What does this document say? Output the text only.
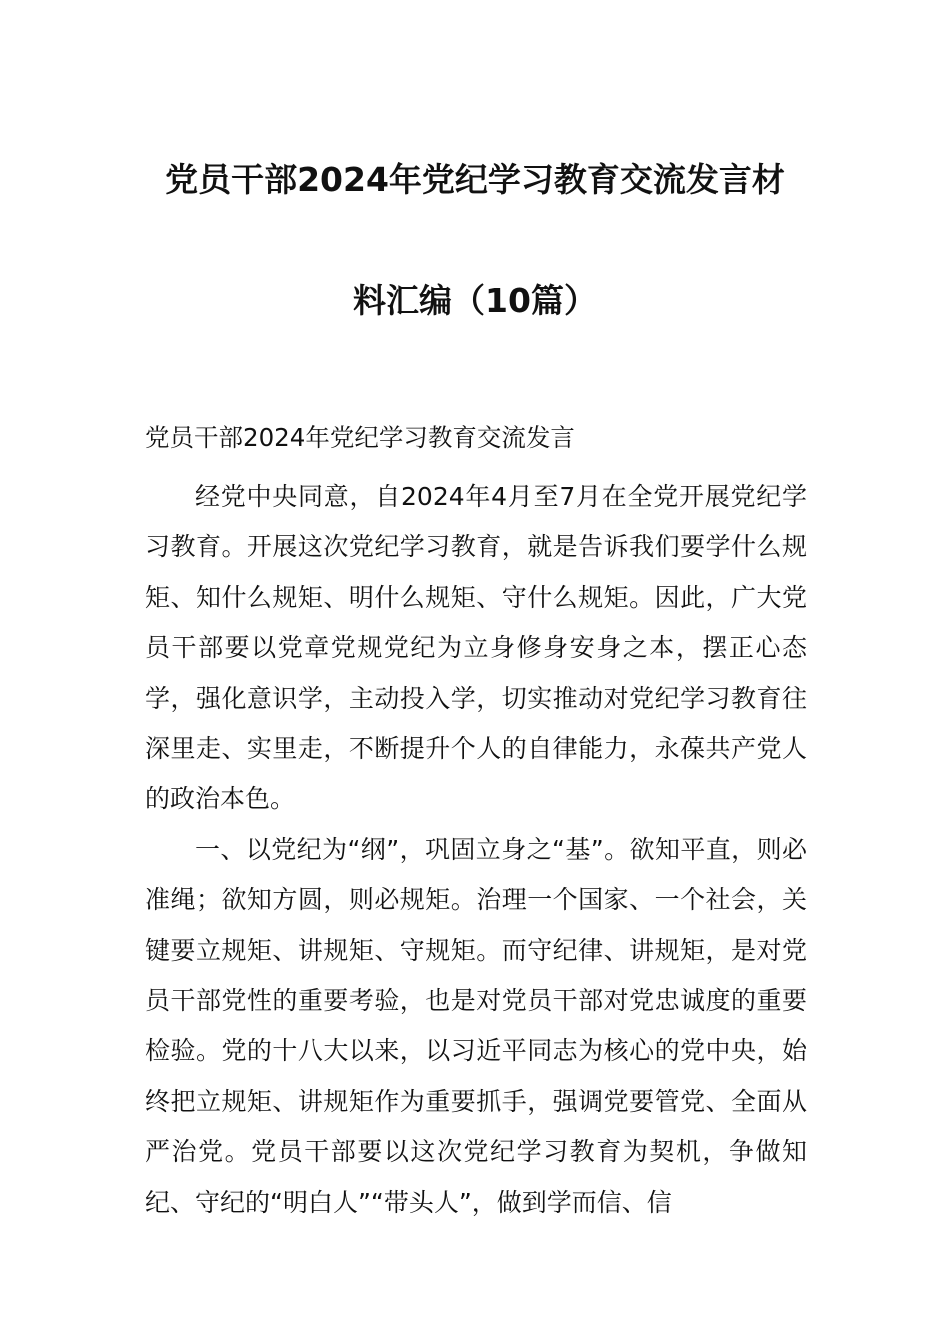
党员干部2024年党纪学习教育交流发言材
料汇编（10篇）
党员干部2024年党纪学习教育交流发言

经党中央同意，自2024年4月至7月在全党开展党纪学习教育。开展这次党纪学习教育，就是告诉我们要学什么规矩、知什么规矩、明什么规矩、守什么规矩。因此，广大党员干部要以党章党规党纪为立身修身安身之本，摆正心态学，强化意识学，主动投入学，切实推动对党纪学习教育往深里走、实里走，不断提升个人的自律能力，永葆共产党人的政治本色。

一、以党纪为“纲”，巩固立身之“基”。欲知平直，则必准绳；欲知方圆，则必规矩。治理一个国家、一个社会，关键要立规矩、讲规矩、守规矩。而守纪律、讲规矩，是对党员干部党性的重要考验，也是对党员干部对党忠诚度的重要检验。党的十八大以来，以习近平同志为核心的党中央，始终把立规矩、讲规矩作为重要抓手，强调党要管党、全面从严治党。党员干部要以这次党纪学习教育为契机，争做知纪、守纪的“明白人”“带头人”，做到学而信、信
